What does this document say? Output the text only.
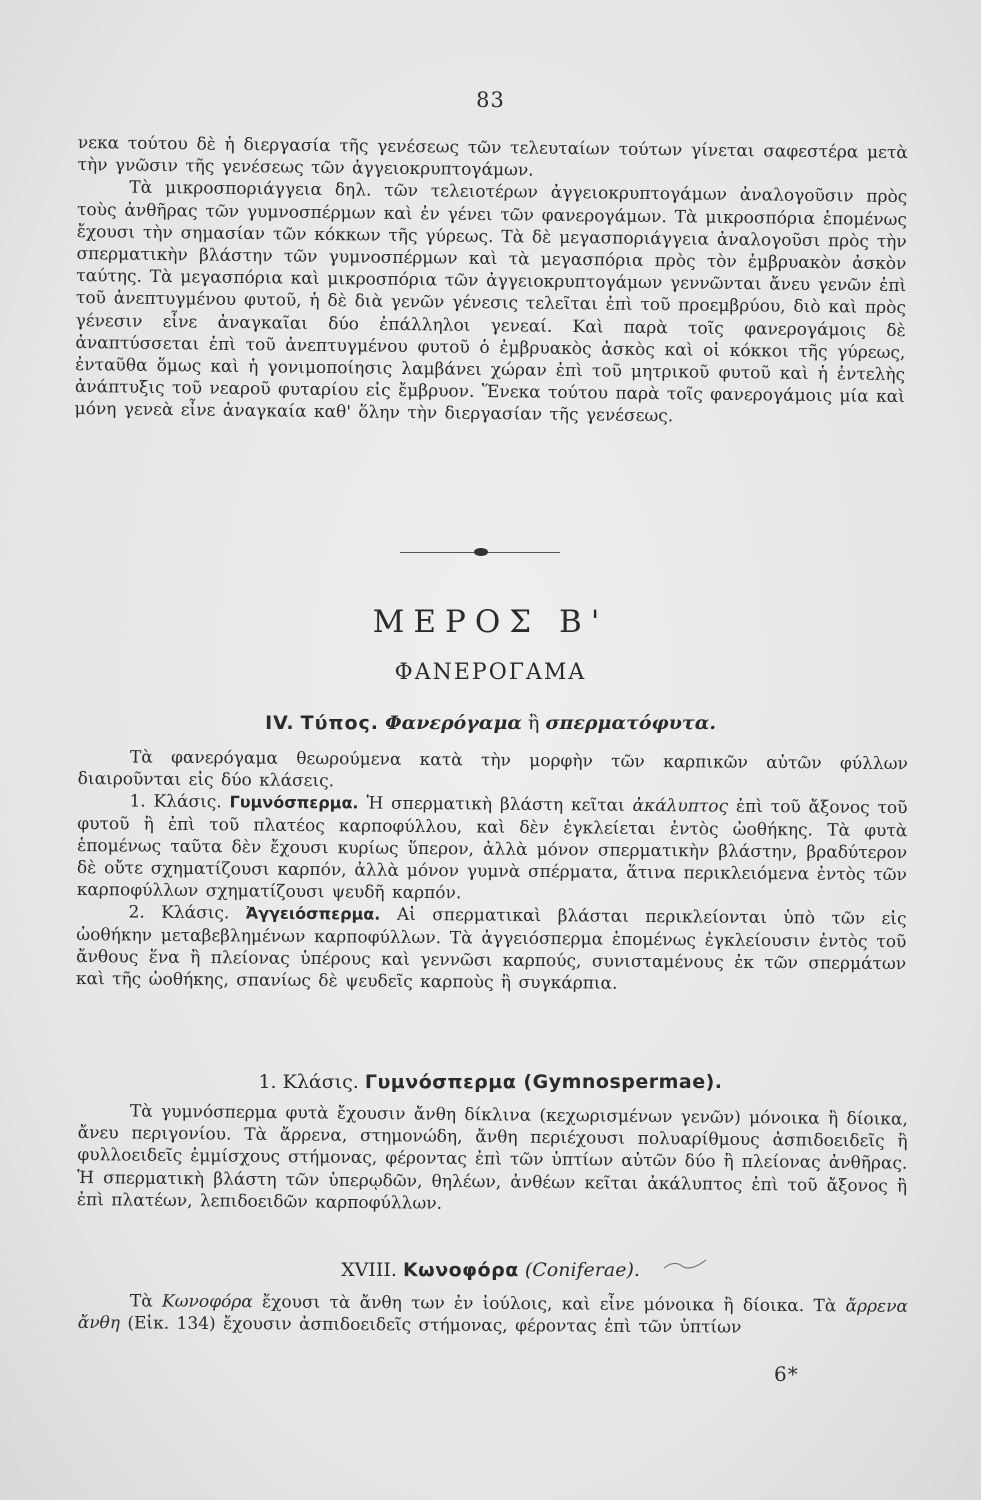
83

νεκα τούτου δὲ ἡ διεργασία τῆς γενέσεως τῶν τελευταίων τούτων γίνεται σαφεστέρα μετὰ τὴν γνῶσιν τῆς γενέσεως τῶν ἀγγειοκρυπτογάμων.

Τὰ μικροσποριάγγεια δηλ. τῶν τελειοτέρων ἀγγειοκρυπτογάμων ἀναλογοῦσιν πρὸς τοὺς ἀνθῆρας τῶν γυμνοσπέρμων καὶ ἐν γένει τῶν φανερογάμων. Τὰ μικροσπόρια ἑπομένως ἔχουσι τὴν σημασίαν τῶν κόκκων τῆς γύρεως. Τὰ δὲ μεγασποριάγγεια ἀναλογοῦσι πρὸς τὴν σπερματικὴν βλάστην τῶν γυμνοσπέρμων καὶ τὰ μεγασπόρια πρὸς τὸν ἐμβρυακὸν ἀσκὸν ταύτης. Τὰ μεγασπόρια καὶ μικροσπόρια τῶν ἀγγειοκρυπτογάμων γεννῶνται ἄνευ γενῶν ἐπὶ τοῦ ἀνεπτυγμένου φυτοῦ, ἡ δὲ διὰ γενῶν γένεσις τελεῖται ἐπὶ τοῦ προεμβρύου, διὸ καὶ πρὸς γένεσιν εἶνε ἀναγκαῖαι δύο ἐπάλληλοι γενεαί. Καὶ παρὰ τοῖς φανερογάμοις δὲ ἀναπτύσσεται ἐπὶ τοῦ ἀνεπτυγμένου φυτοῦ ὁ ἐμβρυακὸς ἀσκὸς καὶ οἱ κόκκοι τῆς γύρεως, ἐνταῦθα ὅμως καὶ ἡ γονιμοποίησις λαμβάνει χώραν ἐπὶ τοῦ μητρικοῦ φυτοῦ καὶ ἡ ἐντελὴς ἀνάπτυξις τοῦ νεαροῦ φυταρίου εἰς ἔμβρυον. Ἕνεκα τούτου παρὰ τοῖς φανερογάμοις μία καὶ μόνη γενεὰ εἶνε ἀναγκαία καθ' ὅλην τὴν διεργασίαν τῆς γενέσεως.

ΜΕΡΟΣ Β'
ΦΑΝΕΡΟΓΑΜΑ
IV. Τύπος. Φανερόγαμα ἢ σπερματόφυτα.

Τὰ φανερόγαμα θεωρούμενα κατὰ τὴν μορφὴν τῶν καρπικῶν αὐτῶν φύλλων διαιροῦνται εἰς δύο κλάσεις.

1. Κλάσις. Γυμνόσπερμα. Ἡ σπερματικὴ βλάστη κεῖται ἀκάλυπτος ἐπὶ τοῦ ἄξονος τοῦ φυτοῦ ἢ ἐπὶ τοῦ πλατέος καρποφύλλου, καὶ δὲν ἐγκλείεται ἐντὸς ὠοθήκης. Τὰ φυτὰ ἑπομένως ταῦτα δὲν ἔχουσι κυρίως ὕπερον, ἀλλὰ μόνον σπερματικὴν βλάστην, βραδύτερον δὲ οὔτε σχηματίζουσι καρπόν, ἀλλὰ μόνον γυμνὰ σπέρματα, ἅτινα περικλειόμενα ἐντὸς τῶν καρποφύλλων σχηματίζουσι ψευδῆ καρπόν.

2. Κλάσις. Ἀγγειόσπερμα. Αἱ σπερματικαὶ βλάσται περικλείονται ὑπὸ τῶν εἰς ὠοθήκην μεταβεβλημένων καρποφύλλων. Τὰ ἀγγειόσπερμα ἑπομένως ἐγκλείουσιν ἐντὸς τοῦ ἄνθους ἕνα ἢ πλείονας ὑπέρους καὶ γεννῶσι καρπούς, συνισταμένους ἐκ τῶν σπερμάτων καὶ τῆς ὠοθήκης, σπανίως δὲ ψευδεῖς καρποὺς ἢ συγκάρπια.

1. Κλάσις. Γυμνόσπερμα (Gymnospermae).

Τὰ γυμνόσπερμα φυτὰ ἔχουσιν ἄνθη δίκλινα (κεχωρισμένων γενῶν) μόνοικα ἢ δίοικα, ἄνευ περιγονίου. Τὰ ἄρρενα, στημονώδη, ἄνθη περιέχουσι πολυαρίθμους ἀσπιδοειδεῖς ἢ φυλλοειδεῖς ἐμμίσχους στήμονας, φέροντας ἐπὶ τῶν ὑπτίων αὐτῶν δύο ἢ πλείονας ἀνθῆρας. Ἡ σπερματικὴ βλάστη τῶν ὑπερῳδῶν, θηλέων, ἀνθέων κεῖται ἀκάλυπτος ἐπὶ τοῦ ἄξονος ἢ ἐπὶ πλατέων, λεπιδοειδῶν καρποφύλλων.

XVIII. Κωνοφόρα (Coniferae).

Τὰ Κωνοφόρα ἔχουσι τὰ ἄνθη των ἐν ἰούλοις, καὶ εἶνε μόνοικα ἢ δίοικα. Τὰ ἄρρενα ἄνθη (Εἰκ. 134) ἔχουσιν ἀσπιδοειδεῖς στήμονας, φέροντας ἐπὶ τῶν ὑπτίων

6*
